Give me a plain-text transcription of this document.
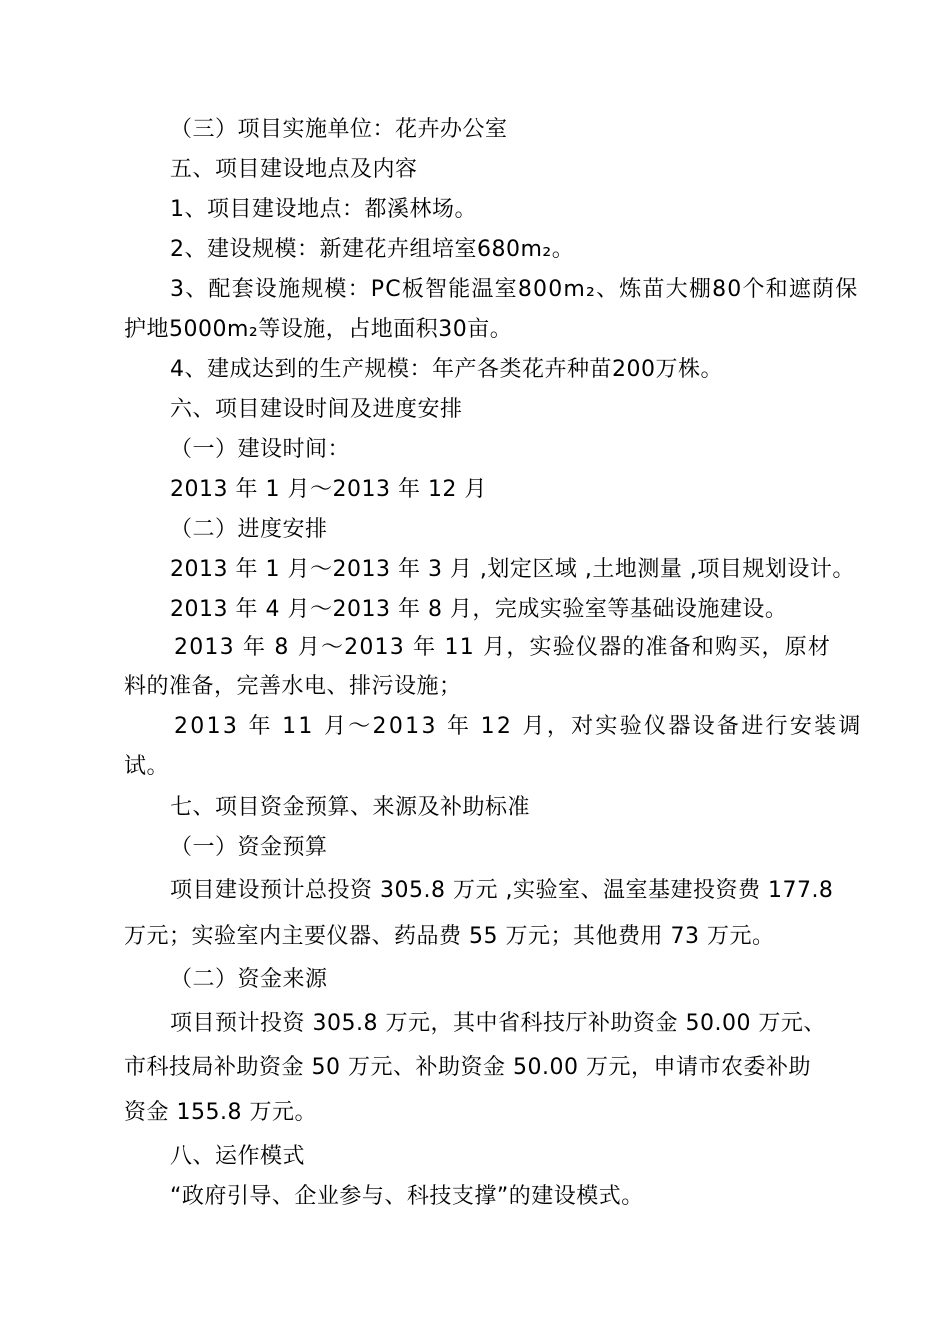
（三）项目实施单位：花卉办公室
五、项目建设地点及内容
1、项目建设地点：都溪林场。
2、建设规模：新建花卉组培室680m₂。
3、配套设施规模：PC板智能温室800m₂、炼苗大棚80个和遮荫保
护地5000m₂等设施，占地面积30亩。
4、建成达到的生产规模：年产各类花卉种苗200万株。
六、项目建设时间及进度安排
（一）建设时间：
2013 年 1 月～2013 年 12 月
（二）进度安排
2013 年 1 月～2013 年 3 月 ,划定区域 ,土地测量 ,项目规划设计。
2013 年 4 月～2013 年 8 月，完成实验室等基础设施建设。
2013 年 8 月～2013 年 11 月，实验仪器的准备和购买，原材
料的准备，完善水电、排污设施；
2013 年 11 月～2013 年 12 月，对实验仪器设备进行安装调
试。
七、项目资金预算、来源及补助标准
（一）资金预算
项目建设预计总投资 305.8 万元 ,实验室、温室基建投资费 177.8
万元；实验室内主要仪器、药品费 55 万元；其他费用 73 万元。
（二）资金来源
项目预计投资 305.8 万元，其中省科技厅补助资金 50.00 万元、
市科技局补助资金 50 万元、补助资金 50.00 万元，申请市农委补助
资金 155.8 万元。
八、运作模式
“政府引导、企业参与、科技支撑”的建设模式。
